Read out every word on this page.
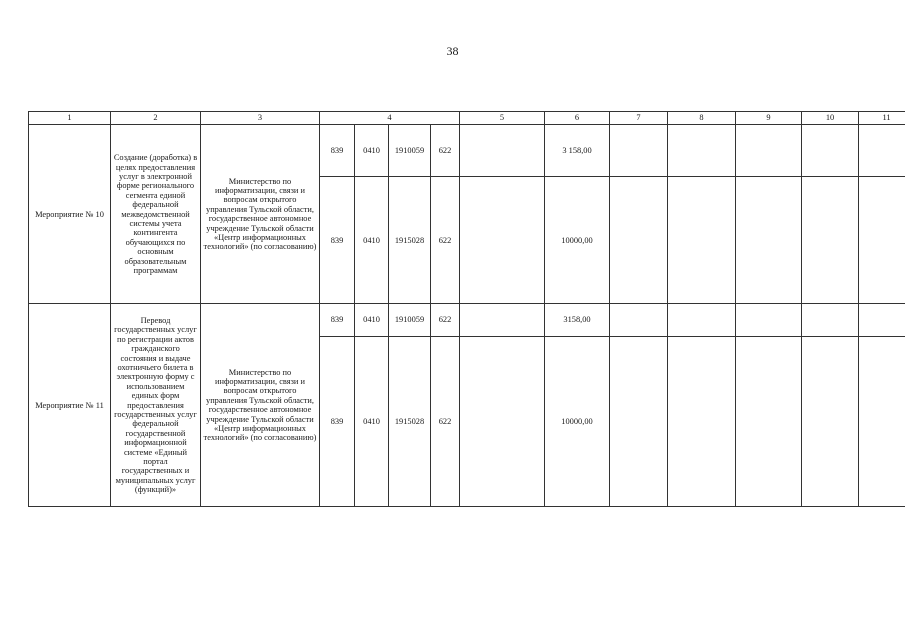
38
1	2	3	4				5	6	7	8	9	10	11
Мероприятие № 10	Создание (доработка) в целях предоставления услуг в электронной форме регионального сегмента единой федеральной межведомственной системы учета контингента обучающихся по основным образовательным программам	Министерство по информатизации, связи и вопросам открытого управления Тульской области, государственное автономное учреждение Тульской области «Центр информационных технологий» (по согласованию)	839	0410	1910059	622		3 158,00					
			839	0410	1915028	622		10000,00					
Мероприятие № 11	Перевод государственных услуг по регистрации актов гражданского состояния и выдаче охотничьего билета в электронную форму с использованием единых форм предоставления государственных услуг федеральной государственной информационной системе «Единый портал государственных и муниципальных услуг (функций)»	Министерство по информатизации, связи и вопросам открытого управления Тульской области, государственное автономное учреждение Тульской области «Центр информационных технологий» (по согласованию)	839	0410	1910059	622		3158,00					
			839	0410	1915028	622		10000,00					
